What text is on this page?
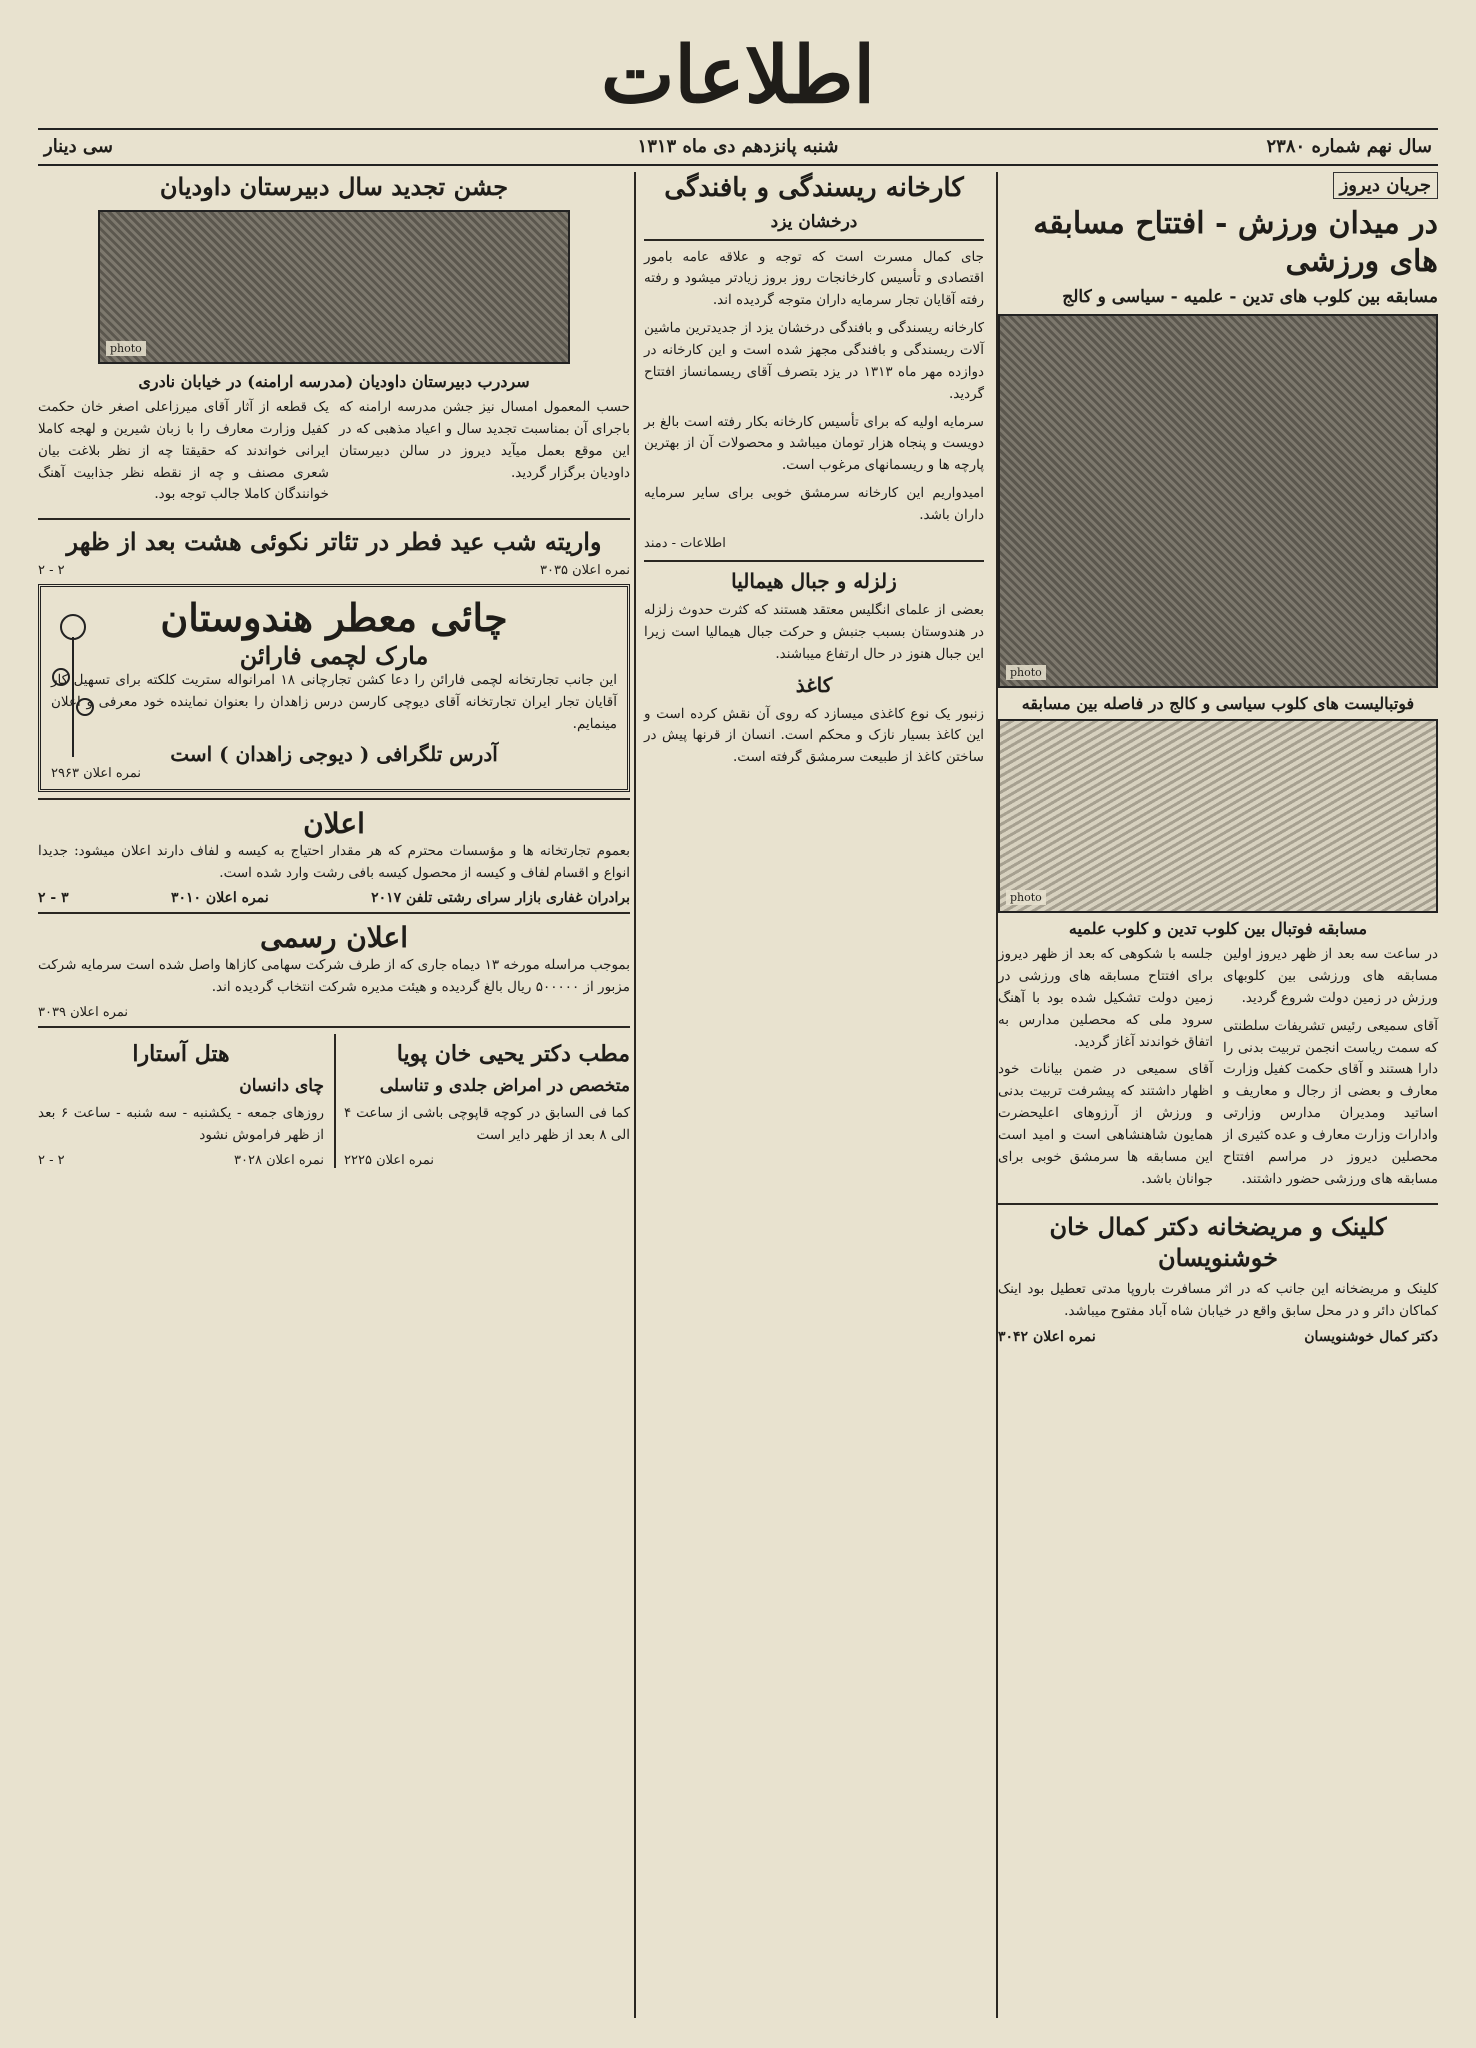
اطلاعات
سال نهم شماره ۲۳۸۰
شنبه پانزدهم دی ماه ۱۳۱۳
سی دینار
جریان دیروز
در میدان ورزش - افتتاح مسابقه های ورزشی
مسابقه بین کلوب های تدین - علمیه - سیاسی و کالج
photo
فوتبالیست های کلوب سیاسی و کالج در فاصله بین مسابقه
photo
مسابقه فوتبال بین کلوب تدین و کلوب علمیه

در ساعت سه بعد از ظهر دیروز اولین مسابقه های ورزشی بین کلوبهای ورزش در زمین دولت شروع گردید.

آقای سمیعی رئیس تشریفات سلطنتی که سمت ریاست انجمن تربیت بدنی را دارا هستند و آقای حکمت کفیل وزارت معارف و بعضی از رجال و معاریف و اساتید ومدیران مدارس وزارتی وادارات وزارت معارف و عده کثیری از محصلین دیروز در مراسم افتتاح مسابقه های ورزشی حضور داشتند.

جلسه با شکوهی که بعد از ظهر دیروز برای افتتاح مسابقه های ورزشی در زمین دولت تشکیل شده بود با آهنگ سرود ملی که محصلین مدارس به اتفاق خواندند آغاز گردید.

آقای سمیعی در ضمن بیانات خود اظهار داشتند که پیشرفت تربیت بدنی و ورزش از آرزوهای اعلیحضرت همایون شاهنشاهی است و امید است این مسابقه ها سرمشق خوبی برای جوانان باشد.

کلینک و مریضخانه دکتر کمال خان خوشنویسان

کلینک و مریضخانه این جانب که در اثر مسافرت باروپا مدتی تعطیل بود اینک کماکان دائر و در محل سابق واقع در خیابان شاه آباد مفتوح میباشد.

دکتر کمال خوشنویسان
نمره اعلان ۳۰۴۲
کارخانه ریسندگی و بافندگی
درخشان یزد

جای کمال مسرت است که توجه و علاقه عامه بامور اقتصادی و تأسیس کارخانجات روز بروز زیادتر میشود و رفته رفته آقایان تجار سرمایه داران متوجه گردیده اند.

کارخانه ریسندگی و بافندگی درخشان یزد از جدیدترین ماشین آلات ریسندگی و بافندگی مجهز شده است و این کارخانه در دوازده مهر ماه ۱۳۱۳ در یزد بتصرف آقای ریسمانساز افتتاح گردید.

سرمایه اولیه که برای تأسیس کارخانه بکار رفته است بالغ بر دویست و پنجاه هزار تومان میباشد و محصولات آن از بهترین پارچه ها و ریسمانهای مرغوب است.

امیدواریم این کارخانه سرمشق خوبی برای سایر سرمایه داران باشد.

اطلاعات - دمند

زلزله و جبال هیمالیا

بعضی از علمای انگلیس معتقد هستند که کثرت حدوث زلزله در هندوستان بسبب جنبش و حرکت جبال هیمالیا است زیرا این جبال هنوز در حال ارتفاع میباشند.

کاغذ

زنبور یک نوع کاغذی میسازد که روی آن نقش کرده است و این کاغذ بسیار نازک و محکم است. انسان از قرنها پیش در ساختن کاغذ از طبیعت سرمشق گرفته است.

جشن تجدید سال دبیرستان داودیان
photo
سردرب دبیرستان داودیان (مدرسه ارامنه) در خیابان نادری

حسب المعمول امسال نیز جشن مدرسه ارامنه که باجرای آن بمناسبت تجدید سال و اعیاد مذهبی که در این موقع بعمل میآید دیروز در سالن دبیرستان داودیان برگزار گردید.

یک قطعه از آثار آقای میرزاعلی اصغر خان حکمت کفیل وزارت معارف را با زبان شیرین و لهجه کاملا ایرانی خواندند که حقیقتا چه از نظر بلاغت بیان شعری مصنف و چه از نقطه نظر جذابیت آهنگ خوانندگان کاملا جالب توجه بود.

واریته شب عید فطر در تئاتر نکوئی هشت بعد از ظهر
نمره اعلان ۳۰۳۵
۲ - ۲
چائی معطر هندوستان
مارک لچمی فارائن

این جانب تجارتخانه لچمی فارائن را دعا کشن تجارچانی ۱۸ امرانواله ستریت کلکته برای تسهیل کار آقایان تجار ایران تجارتخانه آقای دیوچی کارسن درس زاهدان را بعنوان نماینده خود معرفی و اعلان مینمایم.

آدرس تلگرافی ( دیوجی زاهدان ) است
نمره اعلان ۲۹۶۳
اعلان

بعموم تجارتخانه ها و مؤسسات محترم که هر مقدار احتیاج به کیسه و لفاف دارند اعلان میشود: جدیدا انواع و اقسام لفاف و کیسه از محصول کیسه بافی رشت وارد شده است.

برادران غفاری بازار سرای رشتی تلفن ۲۰۱۷
نمره اعلان ۳۰۱۰
۳ - ۲
اعلان رسمی

بموجب مراسله مورخه ۱۳ دیماه جاری که از طرف شرکت سهامی کازاها واصل شده است سرمایه شرکت مزبور از ۵۰۰۰۰۰ ریال بالغ گردیده و هیئت مدیره شرکت انتخاب گردیده اند.

نمره اعلان ۳۰۳۹
مطب دکتر یحیی خان پویا
متخصص در امراض جلدی و تناسلی

کما فی السابق در کوچه قاپوچی باشی از ساعت ۴ الی ۸ بعد از ظهر دایر است

نمره اعلان ۲۲۲۵
هتل آستارا
چای دانسان

روزهای جمعه - یکشنبه - سه شنبه - ساعت ۶ بعد از ظهر فراموش نشود

نمره اعلان ۳۰۲۸
۲ - ۲
